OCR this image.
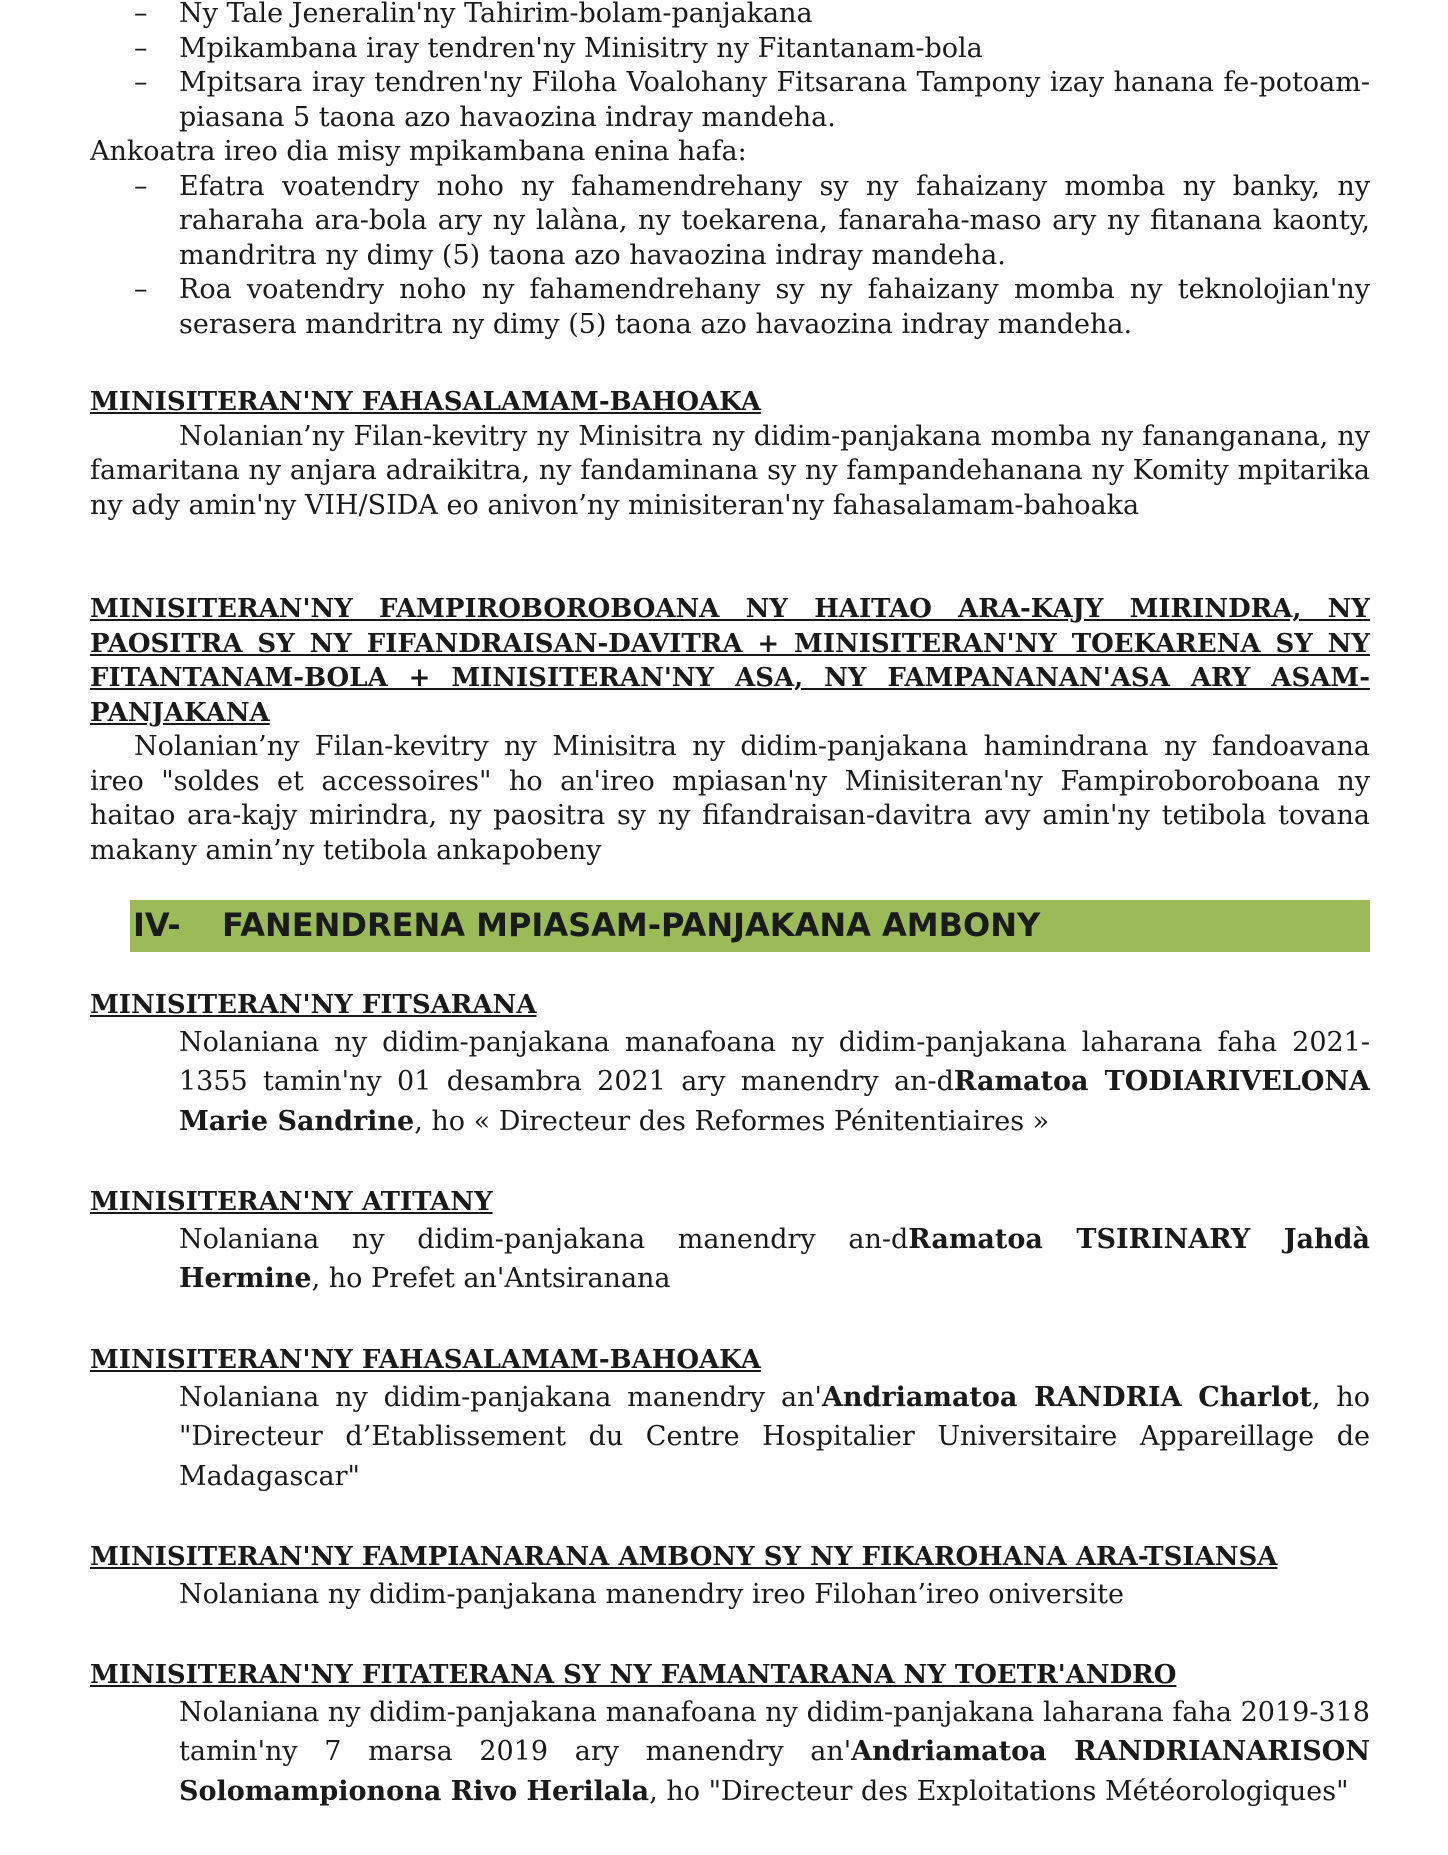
– Ny Tale Jeneralin'ny Tahirim-bolam-panjakana
– Mpikambana iray tendren'ny Minisitry ny Fitantanam-bola
– Mpitsara iray tendren'ny Filoha Voalohany Fitsarana Tampony izay hanana fe-potoam-piasana 5 taona azo havaozina indray mandeha.

Ankoatra ireo dia misy mpikambana enina hafa:

– Efatra voatendry noho ny fahamendrehany sy ny fahaizany momba ny banky, ny raharaha ara-bola ary ny lalàna, ny toekarena, fanaraha-maso ary ny fitanana kaonty, mandritra ny dimy (5) taona azo havaozina indray mandeha.
– Roa voatendry noho ny fahamendrehany sy ny fahaizany momba ny teknolojian'ny serasera mandritra ny dimy (5) taona azo havaozina indray mandeha.

MINISITERAN'NY FAHASALAMAM-BAHOAKA

Nolanian’ny Filan-kevitry ny Minisitra ny didim-panjakana momba ny fananganana, ny famaritana ny anjara adraikitra, ny fandaminana sy ny fampandehanana ny Komity mpitarika ny ady amin'ny VIH/SIDA eo anivon’ny minisiteran'ny fahasalamam-bahoaka

MINISITERAN'NY FAMPIROBOROBOANA NY HAITAO ARA-KAJY MIRINDRA, NY PAOSITRA SY NY FIFANDRAISAN-DAVITRA + MINISITERAN'NY TOEKARENA SY NY FITANTANAM-BOLA + MINISITERAN'NY ASA, NY FAMPANANAN'ASA ARY ASAM-PANJAKANA

Nolanian’ny Filan-kevitry ny Minisitra ny didim-panjakana hamindrana ny fandoavana ireo "soldes et accessoires" ho an'ireo mpiasan'ny Minisiteran'ny Fampiroboroboana ny haitao ara-kajy mirindra, ny paositra sy ny fifandraisan-davitra avy amin'ny tetibola tovana makany amin’ny tetibola ankapobeny

IV- FANENDRENA MPIASAM-PANJAKANA AMBONY

MINISITERAN'NY FITSARANA

Nolaniana ny didim-panjakana manafoana ny didim-panjakana laharana faha 2021-1355 tamin'ny 01 desambra 2021 ary manendry an-dRamatoa TODIARIVELONA Marie Sandrine, ho « Directeur des Reformes Pénitentiaires »

MINISITERAN'NY ATITANY

Nolaniana ny didim-panjakana manendry an-dRamatoa TSIRINARY Jahdà Hermine, ho Prefet an'Antsiranana

MINISITERAN'NY FAHASALAMAM-BAHOAKA

Nolaniana ny didim-panjakana manendry an'Andriamatoa RANDRIA Charlot, ho "Directeur d’Etablissement du Centre Hospitalier Universitaire Appareillage de Madagascar"

MINISITERAN'NY FAMPIANARANA AMBONY SY NY FIKAROHANA ARA-TSIANSA

Nolaniana ny didim-panjakana manendry ireo Filohan’ireo oniversite

MINISITERAN'NY FITATERANA SY NY FAMANTARANA NY TOETR'ANDRO

Nolaniana ny didim-panjakana manafoana ny didim-panjakana laharana faha 2019-318 tamin'ny 7 marsa 2019 ary manendry an'Andriamatoa RANDRIANARISON Solomampionona Rivo Herilala, ho "Directeur des Exploitations Météorologiques"
